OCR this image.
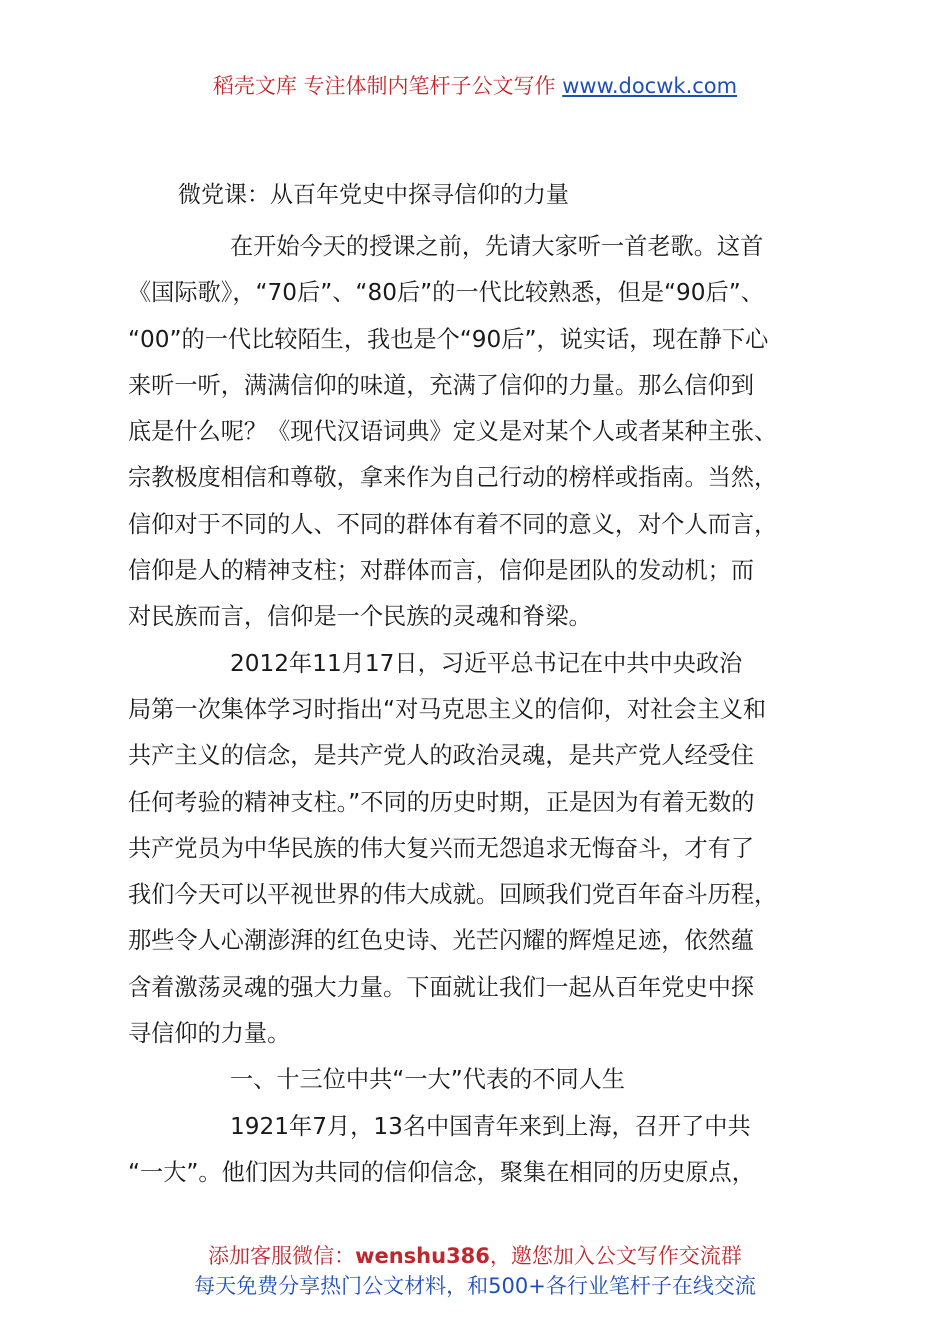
稻壳文库 专注体制内笔杆子公文写作 www.docwk.com
微党课：从百年党史中探寻信仰的力量
在开始今天的授课之前，先请大家听一首老歌。这首
《国际歌》，“70后”、“80后”的一代比较熟悉，但是“90后”、
“00”的一代比较陌生，我也是个“90后”，说实话，现在静下心
来听一听，满满信仰的味道，充满了信仰的力量。那么信仰到
底是什么呢？《现代汉语词典》定义是对某个人或者某种主张、
宗教极度相信和尊敬，拿来作为自己行动的榜样或指南。当然，
信仰对于不同的人、不同的群体有着不同的意义，对个人而言，
信仰是人的精神支柱；对群体而言，信仰是团队的发动机；而
对民族而言，信仰是一个民族的灵魂和脊梁。
2012年11月17日，习近平总书记在中共中央政治
局第一次集体学习时指出“对马克思主义的信仰，对社会主义和
共产主义的信念，是共产党人的政治灵魂，是共产党人经受住
任何考验的精神支柱。”不同的历史时期，正是因为有着无数的
共产党员为中华民族的伟大复兴而无怨追求无悔奋斗，才有了
我们今天可以平视世界的伟大成就。回顾我们党百年奋斗历程，
那些令人心潮澎湃的红色史诗、光芒闪耀的辉煌足迹，依然蕴
含着激荡灵魂的强大力量。下面就让我们一起从百年党史中探
寻信仰的力量。
一、十三位中共“一大”代表的不同人生
1921年7月，13名中国青年来到上海，召开了中共
“一大”。他们因为共同的信仰信念，聚集在相同的历史原点，
添加客服微信：wenshu386，邀您加入公文写作交流群
每天免费分享热门公文材料，和500+各行业笔杆子在线交流
